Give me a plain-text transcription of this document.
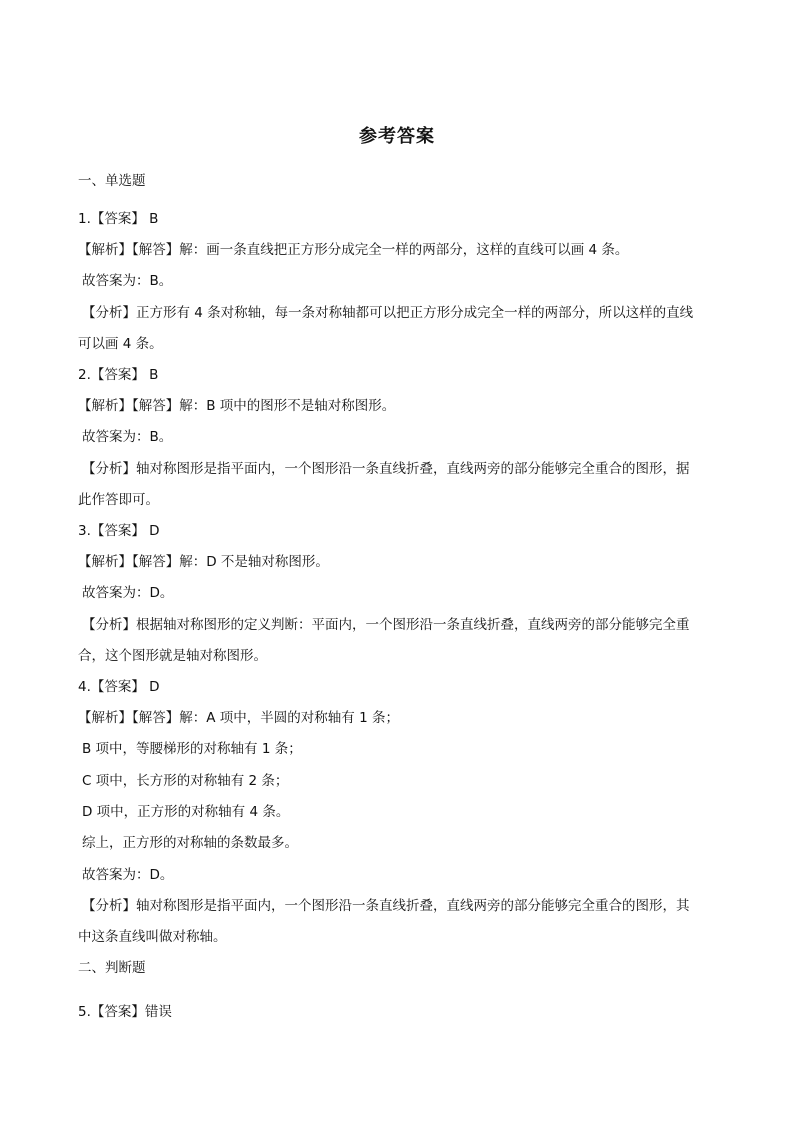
参考答案
一、单选题
1.【答案】 B
【解析】【解答】解：画一条直线把正方形分成完全一样的两部分，这样的直线可以画 4 条。
故答案为：B。
【分析】正方形有 4 条对称轴，每一条对称轴都可以把正方形分成完全一样的两部分，所以这样的直线
可以画 4 条。
2.【答案】 B
【解析】【解答】解：B 项中的图形不是轴对称图形。
故答案为：B。
【分析】轴对称图形是指平面内，一个图形沿一条直线折叠，直线两旁的部分能够完全重合的图形，据
此作答即可。
3.【答案】 D
【解析】【解答】解：D 不是轴对称图形。
故答案为：D。
【分析】根据轴对称图形的定义判断：平面内，一个图形沿一条直线折叠，直线两旁的部分能够完全重
合，这个图形就是轴对称图形。
4.【答案】 D
【解析】【解答】解：A 项中，半圆的对称轴有 1 条；
B 项中，等腰梯形的对称轴有 1 条；
C 项中，长方形的对称轴有 2 条；
D 项中，正方形的对称轴有 4 条。
综上，正方形的对称轴的条数最多。
故答案为：D。
【分析】轴对称图形是指平面内，一个图形沿一条直线折叠，直线两旁的部分能够完全重合的图形，其
中这条直线叫做对称轴。
二、判断题
5.【答案】错误
